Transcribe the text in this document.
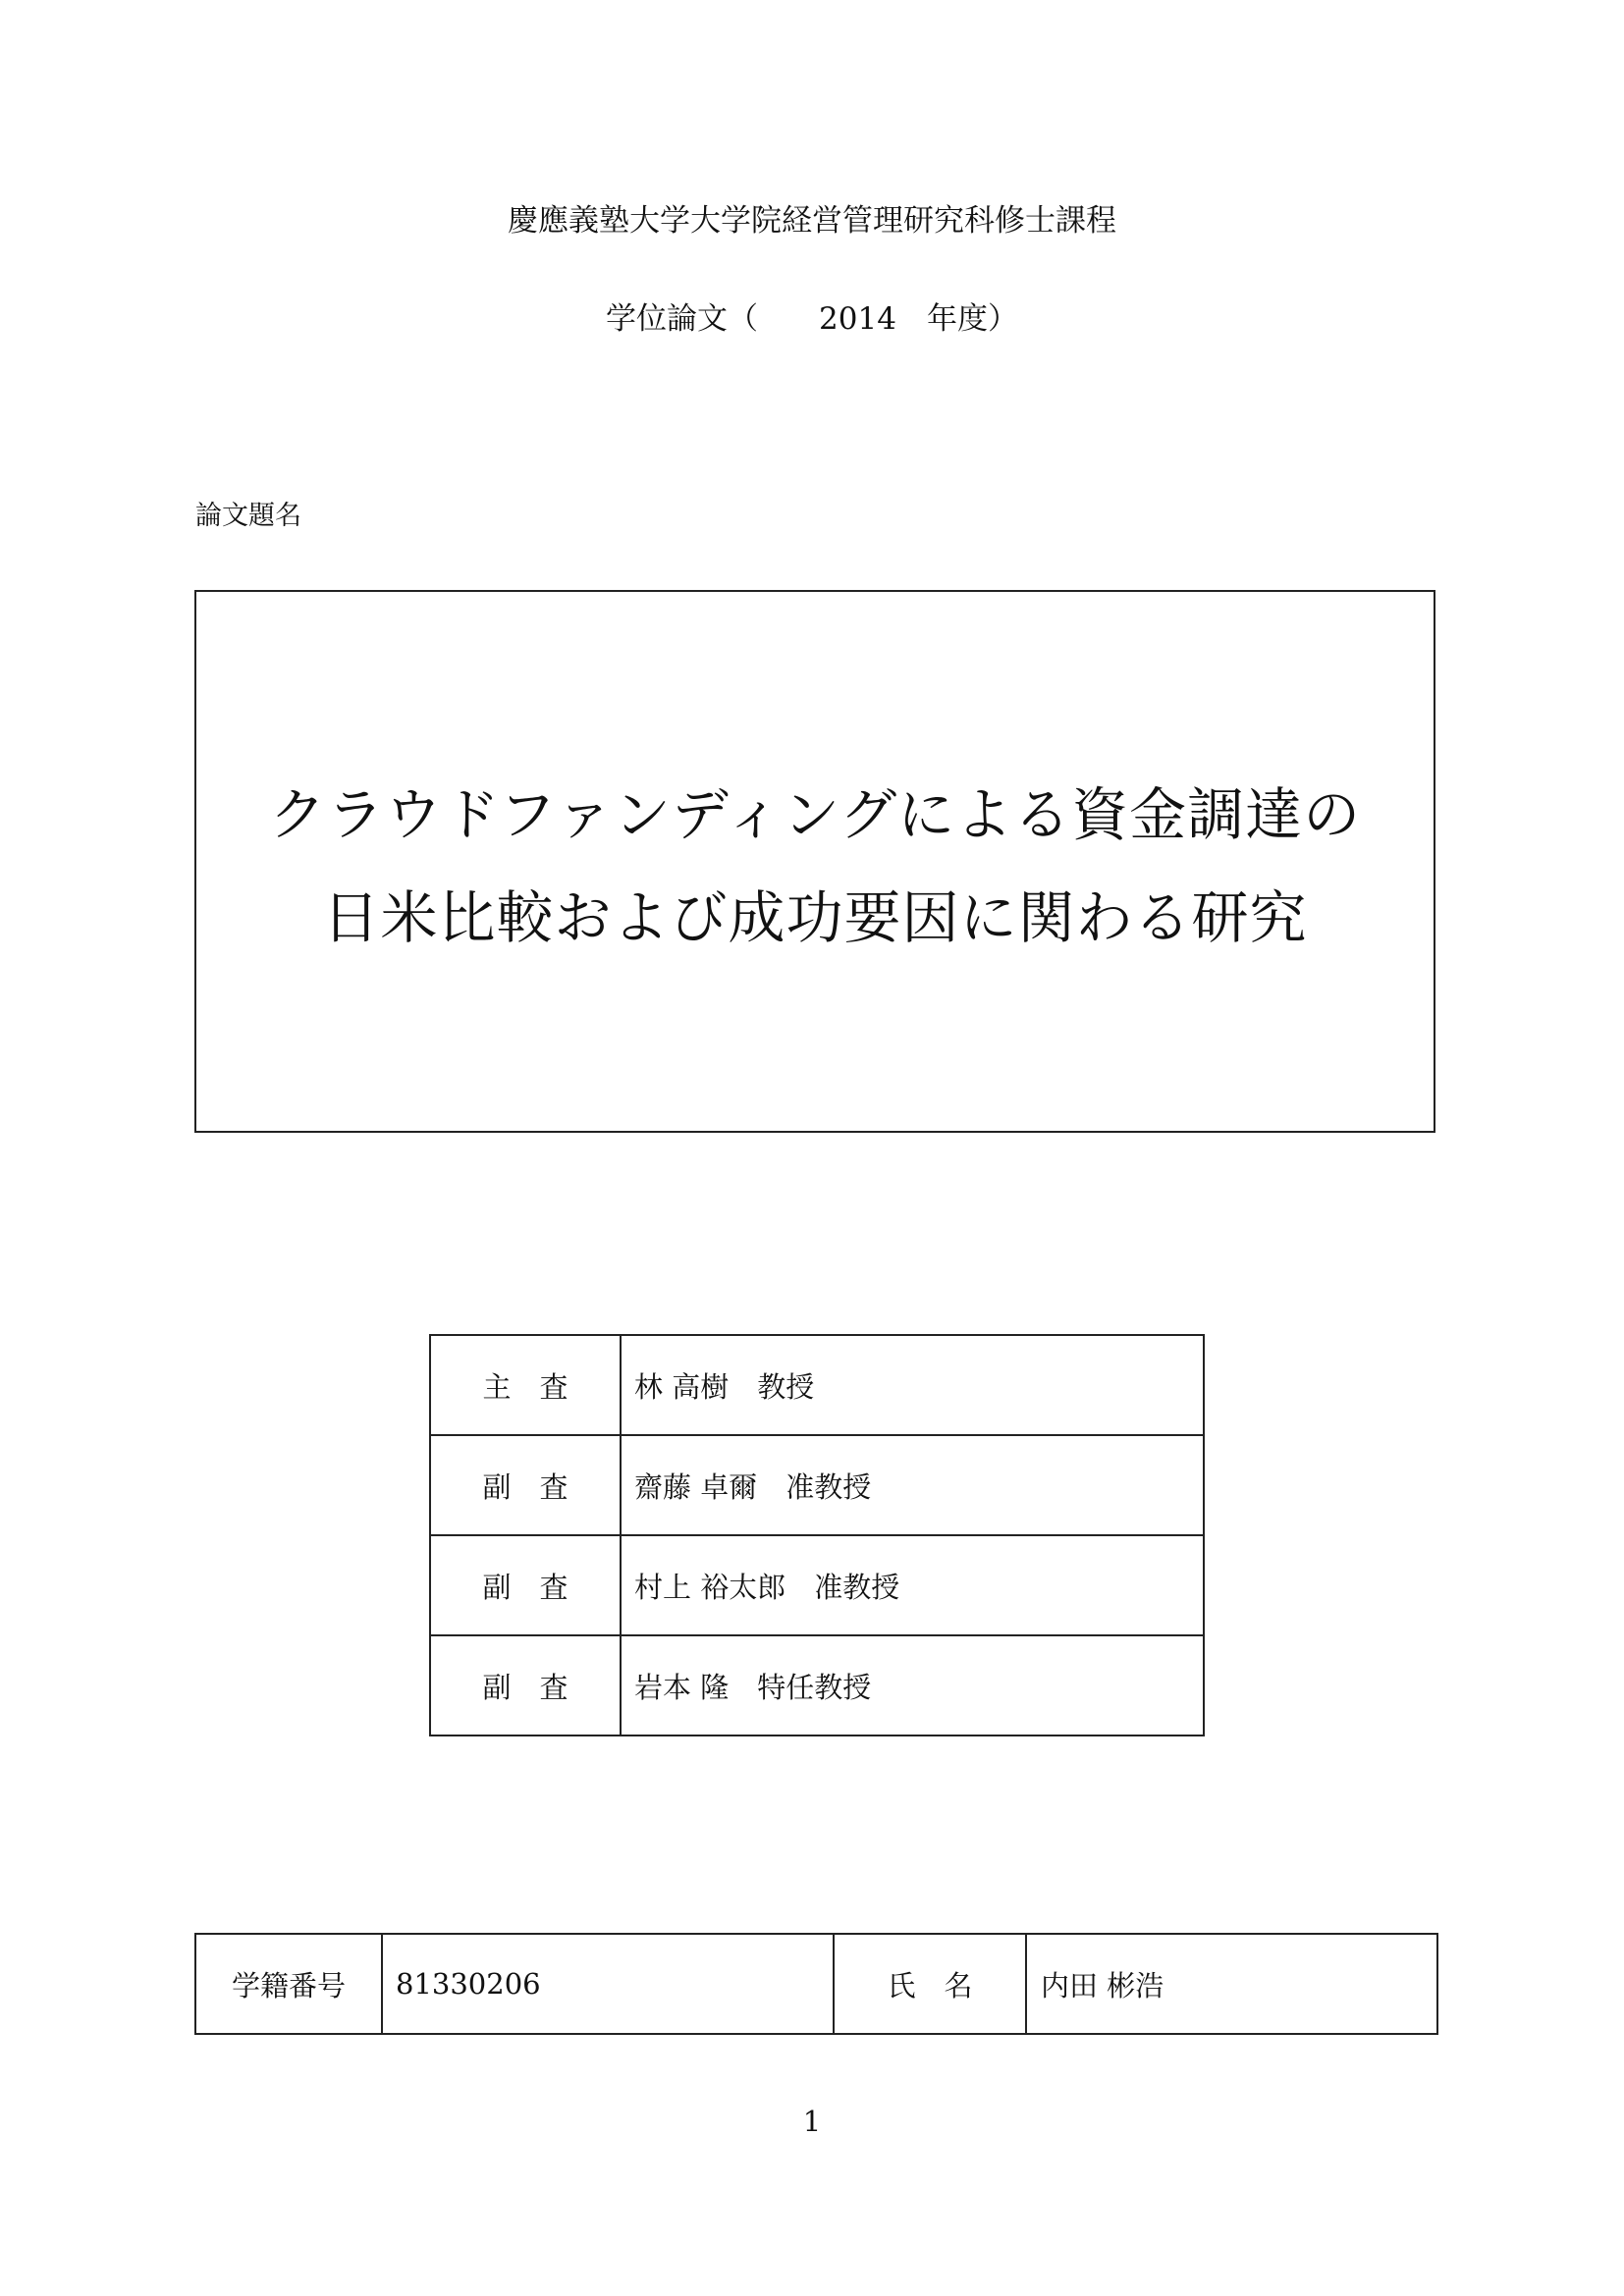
慶應義塾大学大学院経営管理研究科修士課程
学位論文（　　2014　年度）
論文題名
クラウドファンディングによる資金調達の
日米比較および成功要因に関わる研究
主　査	林 高樹　教授
副　査	齋藤 卓爾　准教授
副　査	村上 裕太郎　准教授
副　査	岩本 隆　特任教授
学籍番号	81330206	氏　名	内田 彬浩
1
